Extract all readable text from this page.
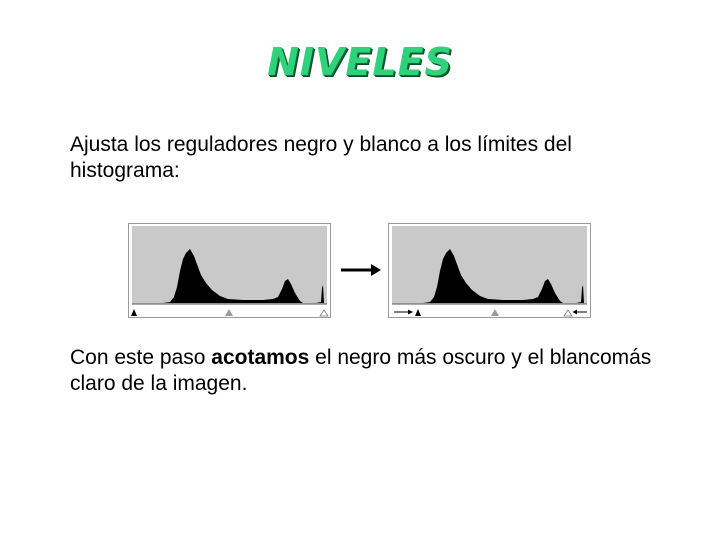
NIVELES
Ajusta los reguladores negro y blanco a los límites del histograma:
Con este paso acotamos el negro más oscuro y el blancomás claro de la imagen.
